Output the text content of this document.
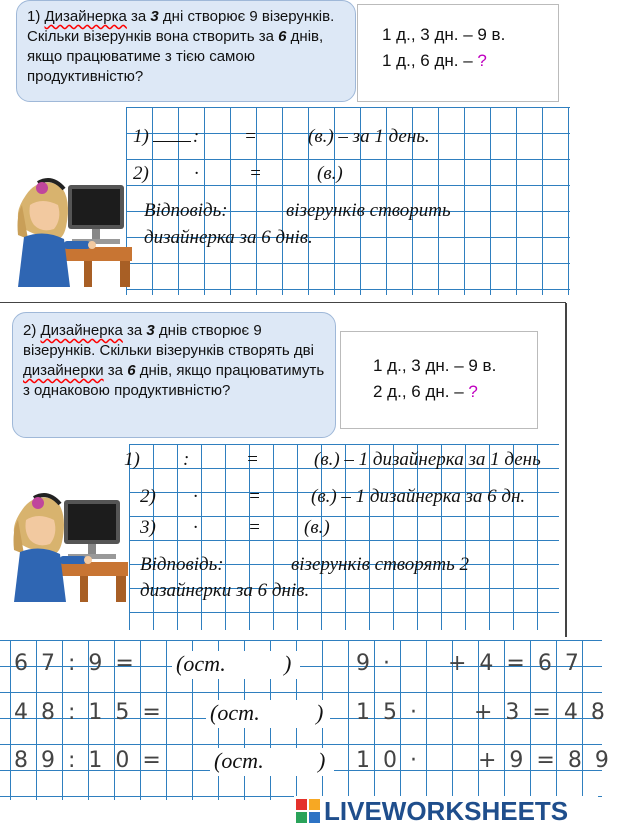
1) Дизайнерка за 3 дні створює 9 візерунків. Скільки візерунків вона створить за 6 днів, якщо працюватиме з тією самою продуктивністю?
1 д., 3 дн. – 9 в.
1 д., 6 дн. – ?
1) : =	(в.) – за 1 день.
2) ·	=	(в.)
Відповідь:	візерунків створить
дизайнерка за 6 днів.
2) Дизайнерка за 3 днів створює 9 візерунків. Скільки візерунків створять дві дизайнерки за 6 днів, якщо працюватимуть з однаковою продуктивністю?
1 д., 3 дн. – 9 в.
2 д., 6 дн. – ?
1) :	=	(в.) – 1 дизайнерка за 1 день
2) ·	=	(в.) – 1 дизайнерка за 6 дн.
3) ·	= (в.)
Відповідь:	візерунків створять 2
дизайнерки за 6 днів.
67:9= (ост.	)	9· +4=67
48:15= (ост.	) 15· +3=48
89:10= (ост. ) 10· +9=89
LIVEWORKSHEETS
